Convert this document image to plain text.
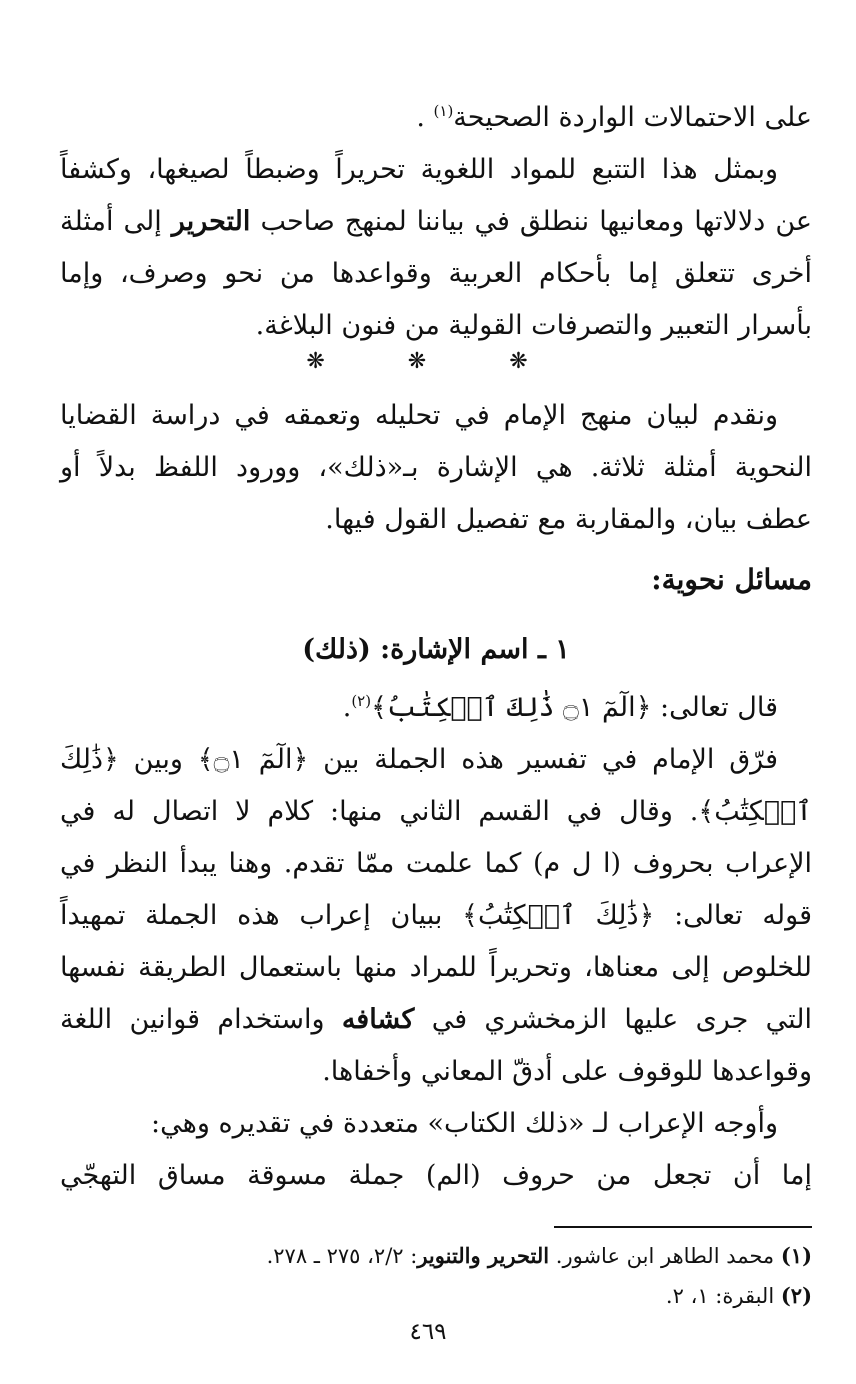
على الاحتمالات الواردة الصحيحة$^{(١)}$ .
وبمثل هذا التتبع للمواد اللغوية تحريراً وضبطاً لصيغها، وكشفاً
عن دلالاتها ومعانيها ننطلق في بياننا لمنهج صاحب التحرير إلى أمثلة
أخرى تتعلق إما بأحكام العربية وقواعدها من نحو وصرف، وإما
بأسرار التعبير والتصرفات القولية من فنون البلاغة.
❋ ❋ ❋
ونقدم لبيان منهج الإمام في تحليله وتعمقه في دراسة القضايا
النحوية أمثلة ثلاثة. هي الإشارة بـ«ذلك»، وورود اللفظ بدلاً أو
عطف بيان، والمقاربة مع تفصيل القول فيها.
مسائل نحوية:
١ ـ اسم الإشارة: (ذلك)
قال تعالى: ﴿الٓمٓ ۝١ ذَٰلِكَ ٱلۡكِتَٰبُ﴾$^{(٢)}$.
فرّق الإمام في تفسير هذه الجملة بين ﴿الٓمٓ ۝١﴾ وبين ﴿ذَٰلِكَ
ٱلۡكِتَٰبُ﴾. وقال في القسم الثاني منها: كلام لا اتصال له في
الإعراب بحروف (ا ل م) كما علمت ممّا تقدم. وهنا يبدأ النظر في
قوله تعالى: ﴿ذَٰلِكَ ٱلۡكِتَٰبُ﴾ ببيان إعراب هذه الجملة تمهيداً
للخلوص إلى معناها، وتحريراً للمراد منها باستعمال الطريقة نفسها
التي جرى عليها الزمخشري في كشافه واستخدام قوانين اللغة
وقواعدها للوقوف على أدقّ المعاني وأخفاها.
وأوجه الإعراب لـ «ذلك الكتاب» متعددة في تقديره وهي:
إما أن تجعل من حروف (الم) جملة مسوقة مساق التهجّي
(١) محمد الطاهر ابن عاشور. التحرير والتنوير: ٢/٢، ٢٧٥ ـ ٢٧٨.
(٢) البقرة: ١، ٢.
٤٦٩
